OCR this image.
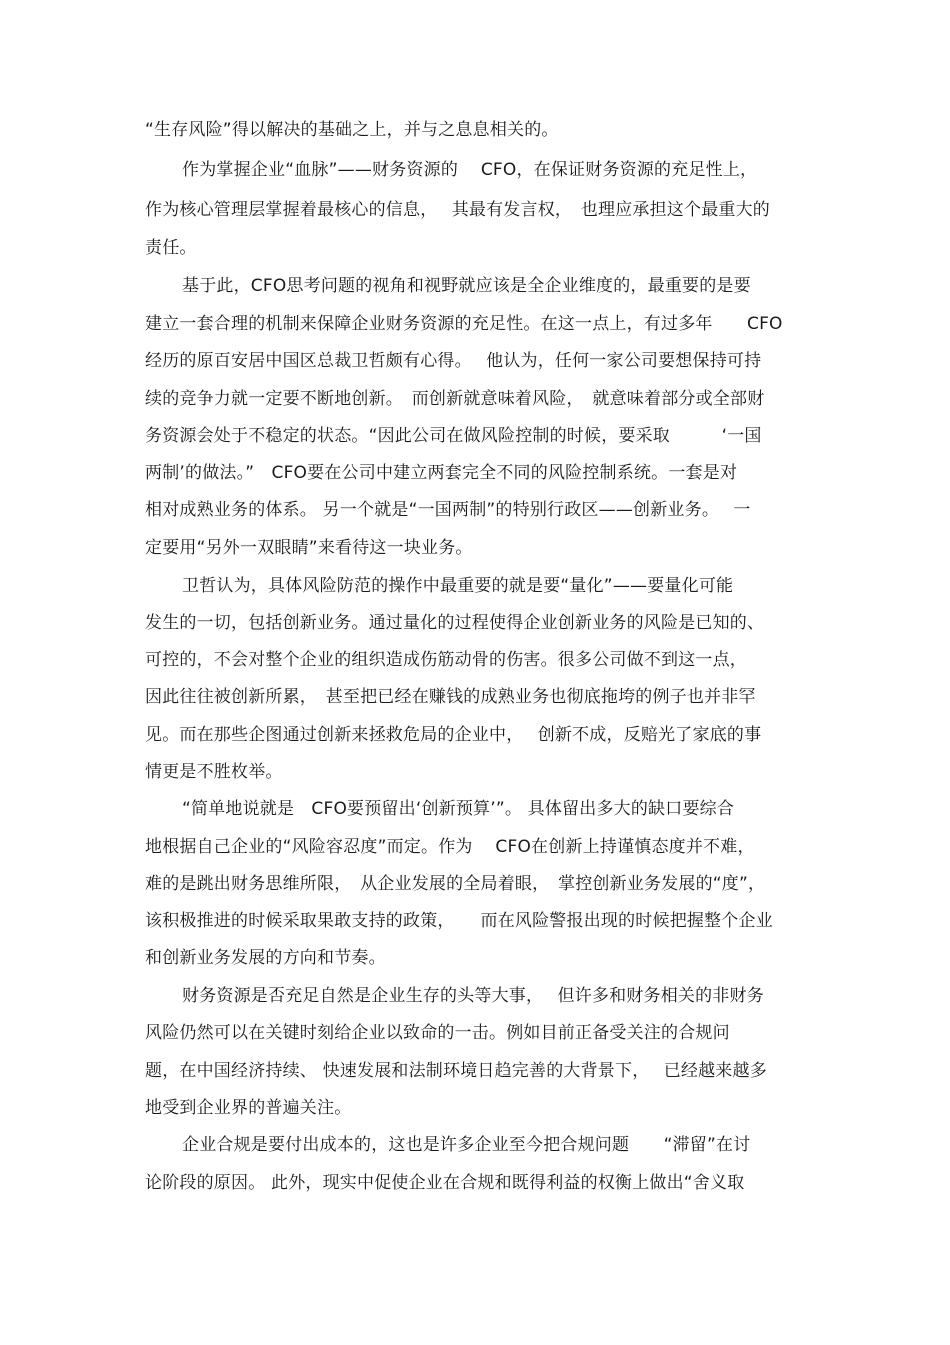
“生存风险”得以解决的基础之上，并与之息息相关的。
作为掌握企业“血脉”——财务资源的　 CFO，在保证财务资源的充足性上，
作为核心管理层掌握着最核心的信息，　 其最有发言权，　也理应承担这个最重大的
责任。
基于此，CFO思考问题的视角和视野就应该是全企业维度的，最重要的是要
建立一套合理的机制来保障企业财务资源的充足性。在这一点上，有过多年　　CFO
经历的原百安居中国区总裁卫哲颇有心得。　 他认为，任何一家公司要想保持可持
续的竞争力就一定要不断地创新。　而创新就意味着风险，　就意味着部分或全部财
务资源会处于不稳定的状态。“因此公司在做风险控制的时候，要采取　　　‘一国
两制’的做法。”　CFO要在公司中建立两套完全不同的风险控制系统。一套是对
相对成熟业务的体系。 另一个就是“一国两制”的特别行政区——创新业务。　 一
定要用“另外一双眼睛”来看待这一块业务。
卫哲认为，具体风险防范的操作中最重要的就是要“量化”——要量化可能
发生的一切，包括创新业务。通过量化的过程使得企业创新业务的风险是已知的、
可控的，不会对整个企业的组织造成伤筋动骨的伤害。很多公司做不到这一点，
因此往往被创新所累，　甚至把已经在赚钱的成熟业务也彻底拖垮的例子也并非罕
见。而在那些企图通过创新来拯救危局的企业中，　 创新不成，反赔光了家底的事
情更是不胜枚举。
“简单地说就是　CFO要预留出‘创新预算’”。 具体留出多大的缺口要综合
地根据自己企业的“风险容忍度”而定。作为　 CFO在创新上持谨慎态度并不难，
难的是跳出财务思维所限，　从企业发展的全局着眼，　掌控创新业务发展的“度”，
该积极推进的时候采取果敢支持的政策，　　而在风险警报出现的时候把握整个企业
和创新业务发展的方向和节奏。
财务资源是否充足自然是企业生存的头等大事，　 但许多和财务相关的非财务
风险仍然可以在关键时刻给企业以致命的一击。例如目前正备受关注的合规问
题，在中国经济持续、 快速发展和法制环境日趋完善的大背景下，　 已经越来越多
地受到企业界的普遍关注。
企业合规是要付出成本的，这也是许多企业至今把合规问题　　“滞留”在讨
论阶段的原因。 此外，现实中促使企业在合规和既得利益的权衡上做出“舍义取
